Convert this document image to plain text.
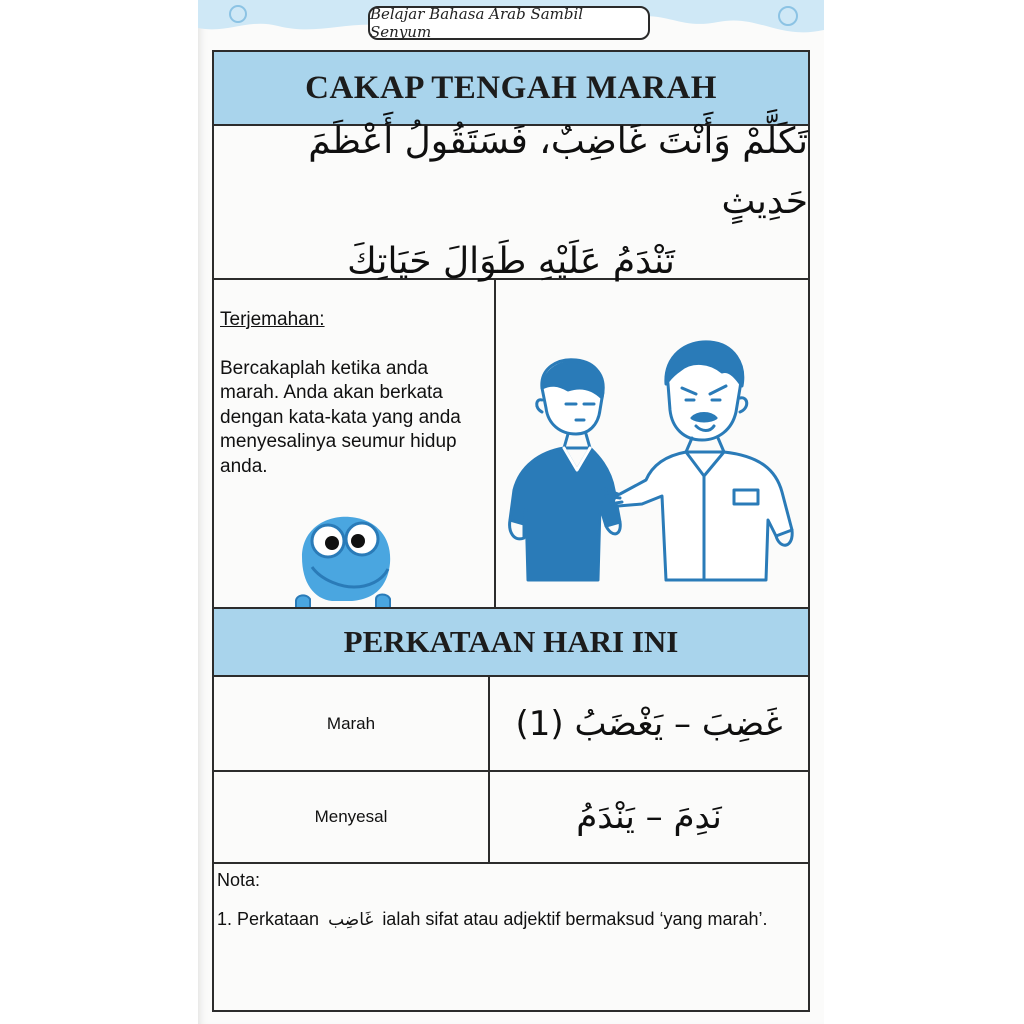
Belajar Bahasa Arab Sambil Senyum
CAKAP TENGAH MARAH
تَكَلَّمْ وَأَنْتَ غَاضِبٌ، فَسَتَقُولُ أَعْظَمَ حَدِيثٍ
تَنْدَمُ عَلَيْهِ طَوَالَ حَيَاتِكَ
Terjemahan:
Bercakaplah ketika anda marah. Anda akan berkata dengan kata-kata yang anda menyesalinya seumur hidup anda.
PERKATAAN HARI INI
Marah	غَضِبَ – يَغْضَبُ (1)
Menyesal	نَدِمَ – يَنْدَمُ
Nota:
1. Perkataan غَاضِب ialah sifat atau adjektif bermaksud ‘yang marah’.
